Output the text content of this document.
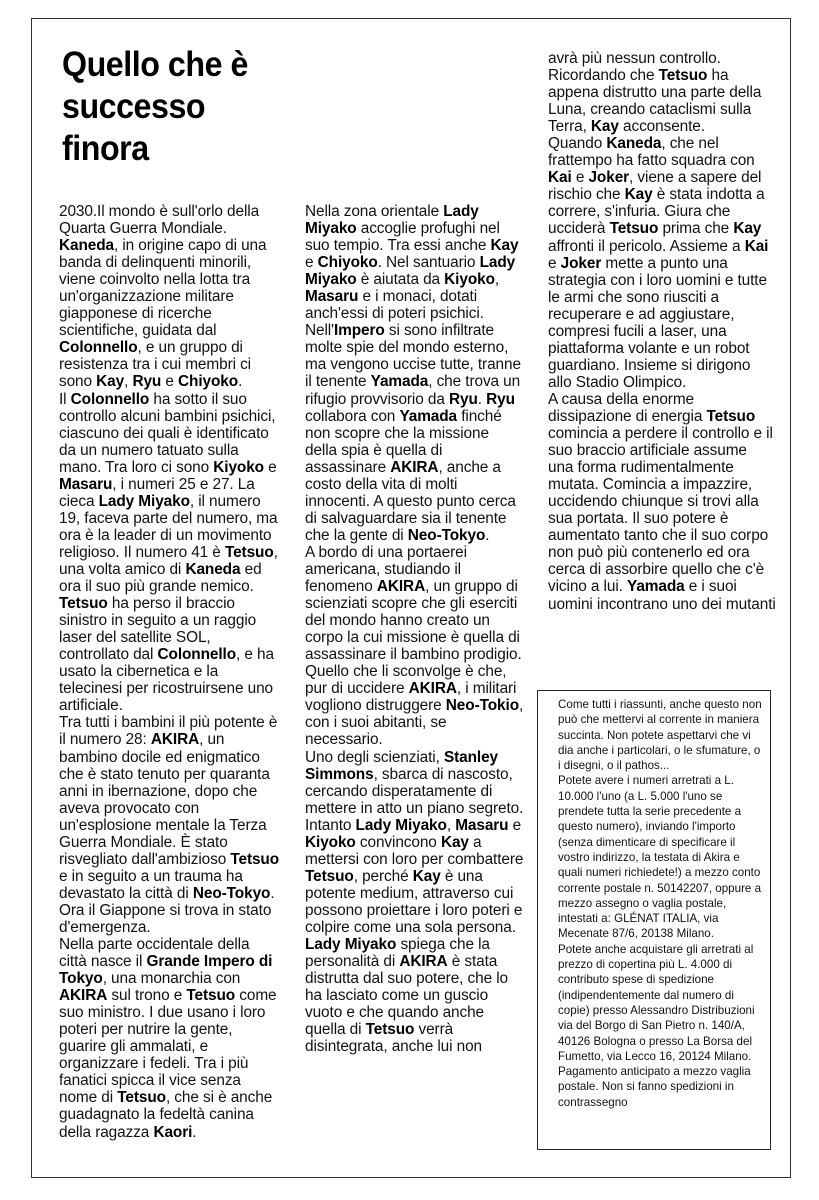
Quello che è successo finora

2030.Il mondo è sull'orlo della Quarta Guerra Mondiale. Kaneda, in origine capo di una banda di delinquenti minorili, viene coinvolto nella lotta tra un'organizzazione militare giapponese di ricerche scientifiche, guidata dal Colonnello, e un gruppo di resistenza tra i cui membri ci sono Kay, Ryu e Chiyoko.

Il Colonnello ha sotto il suo controllo alcuni bambini psichici, ciascuno dei quali è identificato da un numero tatuato sulla mano. Tra loro ci sono Kiyoko e Masaru, i numeri 25 e 27. La cieca Lady Miyako, il numero 19, faceva parte del numero, ma ora è la leader di un movimento religioso. Il numero 41 è Tetsuo, una volta amico di Kaneda ed ora il suo più grande nemico. Tetsuo ha perso il braccio sinistro in seguito a un raggio laser del satellite SOL, controllato dal Colonnello, e ha usato la cibernetica e la telecinesi per ricostruirsene uno artificiale.

Tra tutti i bambini il più potente è il numero 28: AKIRA, un bambino docile ed enigmatico che è stato tenuto per quaranta anni in ibernazione, dopo che aveva provocato con un'esplosione mentale la Terza Guerra Mondiale. È stato risvegliato dall'ambizioso Tetsuo e in seguito a un trauma ha devastato la città di Neo-Tokyo. Ora il Giappone si trova in stato d'emergenza.

Nella parte occidentale della città nasce il Grande Impero di Tokyo, una monarchia con AKIRA sul trono e Tetsuo come suo ministro. I due usano i loro poteri per nutrire la gente, guarire gli ammalati, e organizzare i fedeli. Tra i più fanatici spicca il vice senza nome di Tetsuo, che si è anche guadagnato la fedeltà canina della ragazza Kaori.

Nella zona orientale Lady Miyako accoglie profughi nel suo tempio. Tra essi anche Kay e Chiyoko. Nel santuario Lady Miyako è aiutata da Kiyoko, Masaru e i monaci, dotati anch'essi di poteri psichici.

Nell'Impero si sono infiltrate molte spie del mondo esterno, ma vengono uccise tutte, tranne il tenente Yamada, che trova un rifugio provvisorio da Ryu. Ryu collabora con Yamada finché non scopre che la missione della spia è quella di assassinare AKIRA, anche a costo della vita di molti innocenti. A questo punto cerca di salvaguardare sia il tenente che la gente di Neo-Tokyo.

A bordo di una portaerei americana, studiando il fenomeno AKIRA, un gruppo di scienziati scopre che gli eserciti del mondo hanno creato un corpo la cui missione è quella di assassinare il bambino prodigio. Quello che li sconvolge è che, pur di uccidere AKIRA, i militari vogliono distruggere Neo-Tokio, con i suoi abitanti, se necessario.

Uno degli scienziati, Stanley Simmons, sbarca di nascosto, cercando disperatamente di mettere in atto un piano segreto.

Intanto Lady Miyako, Masaru e Kiyoko convincono Kay a mettersi con loro per combattere Tetsuo, perché Kay è una potente medium, attraverso cui possono proiettare i loro poteri e colpire come una sola persona. Lady Miyako spiega che la personalità di AKIRA è stata distrutta dal suo potere, che lo ha lasciato come un guscio vuoto e che quando anche quella di Tetsuo verrà disintegrata, anche lui non

avrà più nessun controllo. Ricordando che Tetsuo ha appena distrutto una parte della Luna, creando cataclismi sulla Terra, Kay acconsente.

Quando Kaneda, che nel frattempo ha fatto squadra con Kai e Joker, viene a sapere del rischio che Kay è stata indotta a correre, s'infuria. Giura che ucciderà Tetsuo prima che Kay affronti il pericolo. Assieme a Kai e Joker mette a punto una strategia con i loro uomini e tutte le armi che sono riusciti a recuperare e ad aggiustare, compresi fucili a laser, una piattaforma volante e un robot guardiano. Insieme si dirigono allo Stadio Olimpico.

A causa della enorme dissipazione di energia Tetsuo comincia a perdere il controllo e il suo braccio artificiale assume una forma rudimentalmente mutata. Comincia a impazzire, uccidendo chiunque si trovi alla sua portata. Il suo potere è aumentato tanto che il suo corpo non può più contenerlo ed ora cerca di assorbire quello che c'è vicino a lui. Yamada e i suoi uomini incontrano uno dei mutanti

Come tutti i riassunti, anche questo non può che mettervi al corrente in maniera succinta. Non potete aspettarvi che vi dia anche i particolari, o le sfumature, o i disegni, o il pathos...

Potete avere i numeri arretrati a L. 10.000 l'uno (a L. 5.000 l'uno se prendete tutta la serie precedente a questo numero), inviando l'importo (senza dimenticare di specificare il vostro indirizzo, la testata di Akira e quali numeri richiedete!) a mezzo conto corrente postale n. 50142207, oppure a mezzo assegno o vaglia postale, intestati a: GLÉNAT ITALIA, via Mecenate 87/6, 20138 Milano.

Potete anche acquistare gli arretrati al prezzo di copertina più L. 4.000 di contributo spese di spedizione (indipendentemente dal numero di copie) presso Alessandro Distribuzioni via del Borgo di San Pietro n. 140/A, 40126 Bologna o presso La Borsa del Fumetto, via Lecco 16, 20124 Milano. Pagamento anticipato a mezzo vaglia postale. Non si fanno spedizioni in contrassegno
